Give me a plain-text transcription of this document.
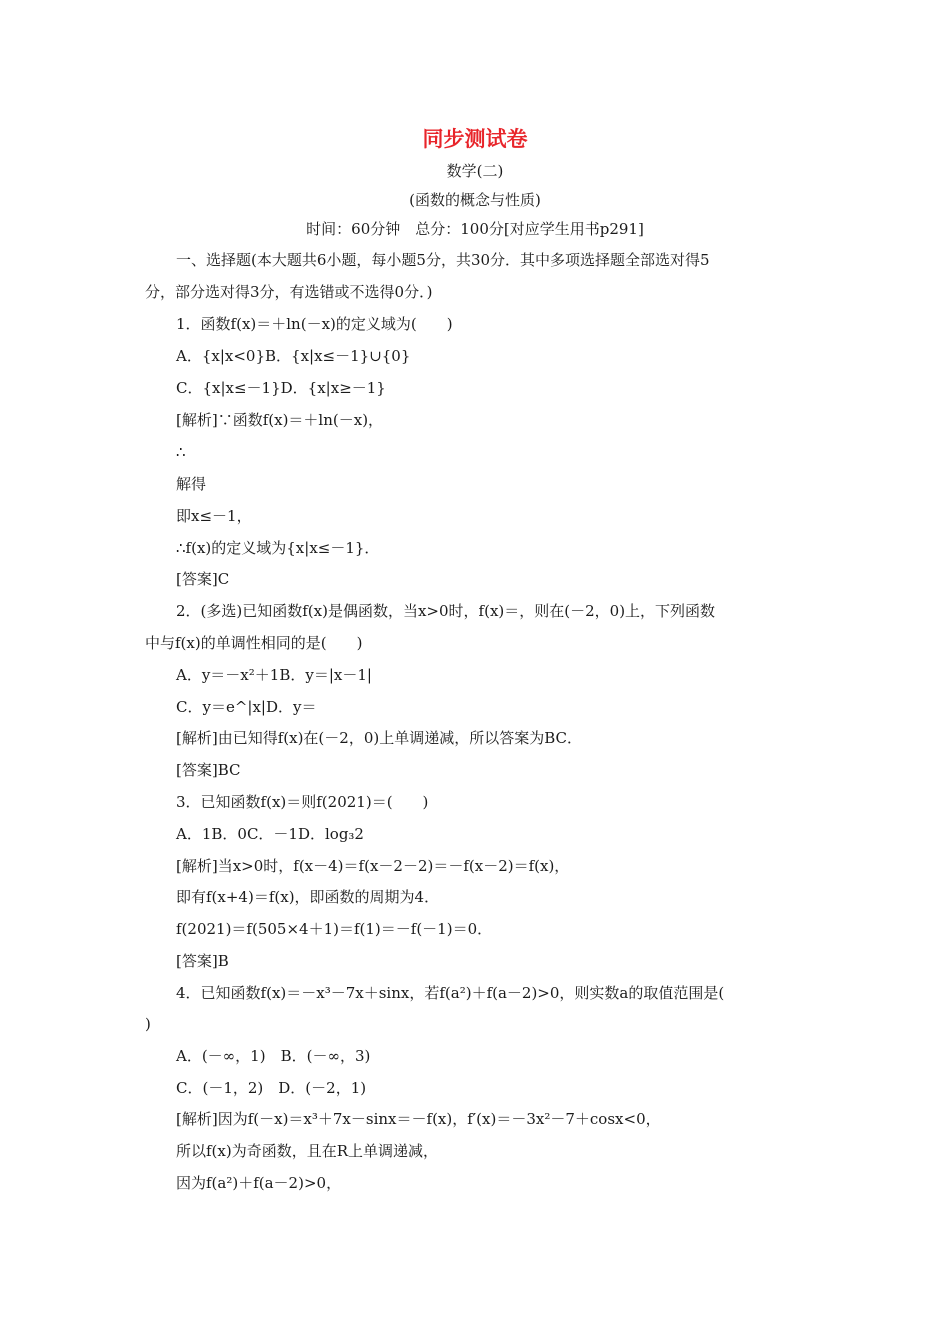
同步测试卷
数学(二)
(函数的概念与性质)
时间：60分钟　总分：100分[对应学生用书p291]
一、选择题(本大题共6小题，每小题5分，共30分．其中多项选择题全部选对得5
分，部分选对得3分，有选错或不选得0分．)
1．函数f(x)＝＋ln(－x)的定义域为(　　)
A．{x|x<0}B．{x|x≤－1}∪{0}
C．{x|x≤－1}D．{x|x≥－1}
[解析]∵函数f(x)＝＋ln(－x)，
∴
解得
即x≤－1，
∴f(x)的定义域为{x|x≤－1}．
[答案]C
2．(多选)已知函数f(x)是偶函数，当x>0时，f(x)＝，则在(－2，0)上，下列函数
中与f(x)的单调性相同的是(　　)
A．y＝－x²＋1B．y＝|x－1|
C．y＝e^|x|D．y＝
[解析]由已知得f(x)在(－2，0)上单调递减，所以答案为BC．
[答案]BC
3．已知函数f(x)＝则f(2021)＝(　　)
A．1B．0C．－1D．log₃2
[解析]当x>0时，f(x－4)＝f(x－2－2)＝－f(x－2)＝f(x)，
即有f(x+4)＝f(x)，即函数的周期为4．
f(2021)＝f(505×4＋1)＝f(1)＝－f(－1)＝0．
[答案]B
4．已知函数f(x)＝－x³－7x＋sinx，若f(a²)＋f(a－2)>0，则实数a的取值范围是(
)
A．(－∞，1)　B．(－∞，3)
C．(－1，2)　D．(－2，1)
[解析]因为f(－x)＝x³＋7x－sinx＝－f(x)，f′(x)＝－3x²－7＋cosx<0，
所以f(x)为奇函数，且在R上单调递减，
因为f(a²)＋f(a－2)>0，
